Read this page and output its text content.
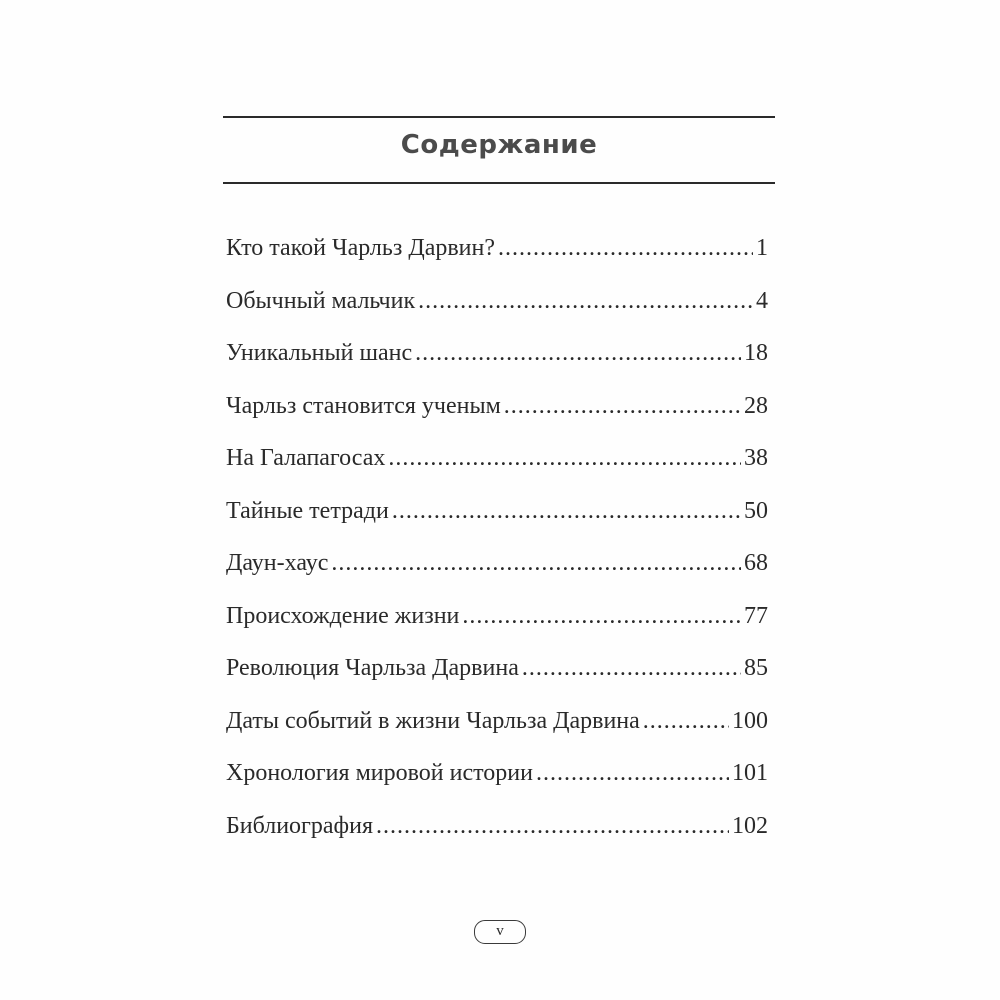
Содержание
Кто такой Чарльз Дарвин? .....	1
Обычный мальчик .....	4
Уникальный шанс .....	18
Чарльз становится ученым .....	28
На Галапагосах .....	38
Тайные тетради .....	50
Даун-хаус .....	68
Происхождение жизни .....	77
Революция Чарльза Дарвина .....	85
Даты событий в жизни Чарльза Дарвина .....	100
Хронология мировой истории .....	101
Библиография .....	102
v
